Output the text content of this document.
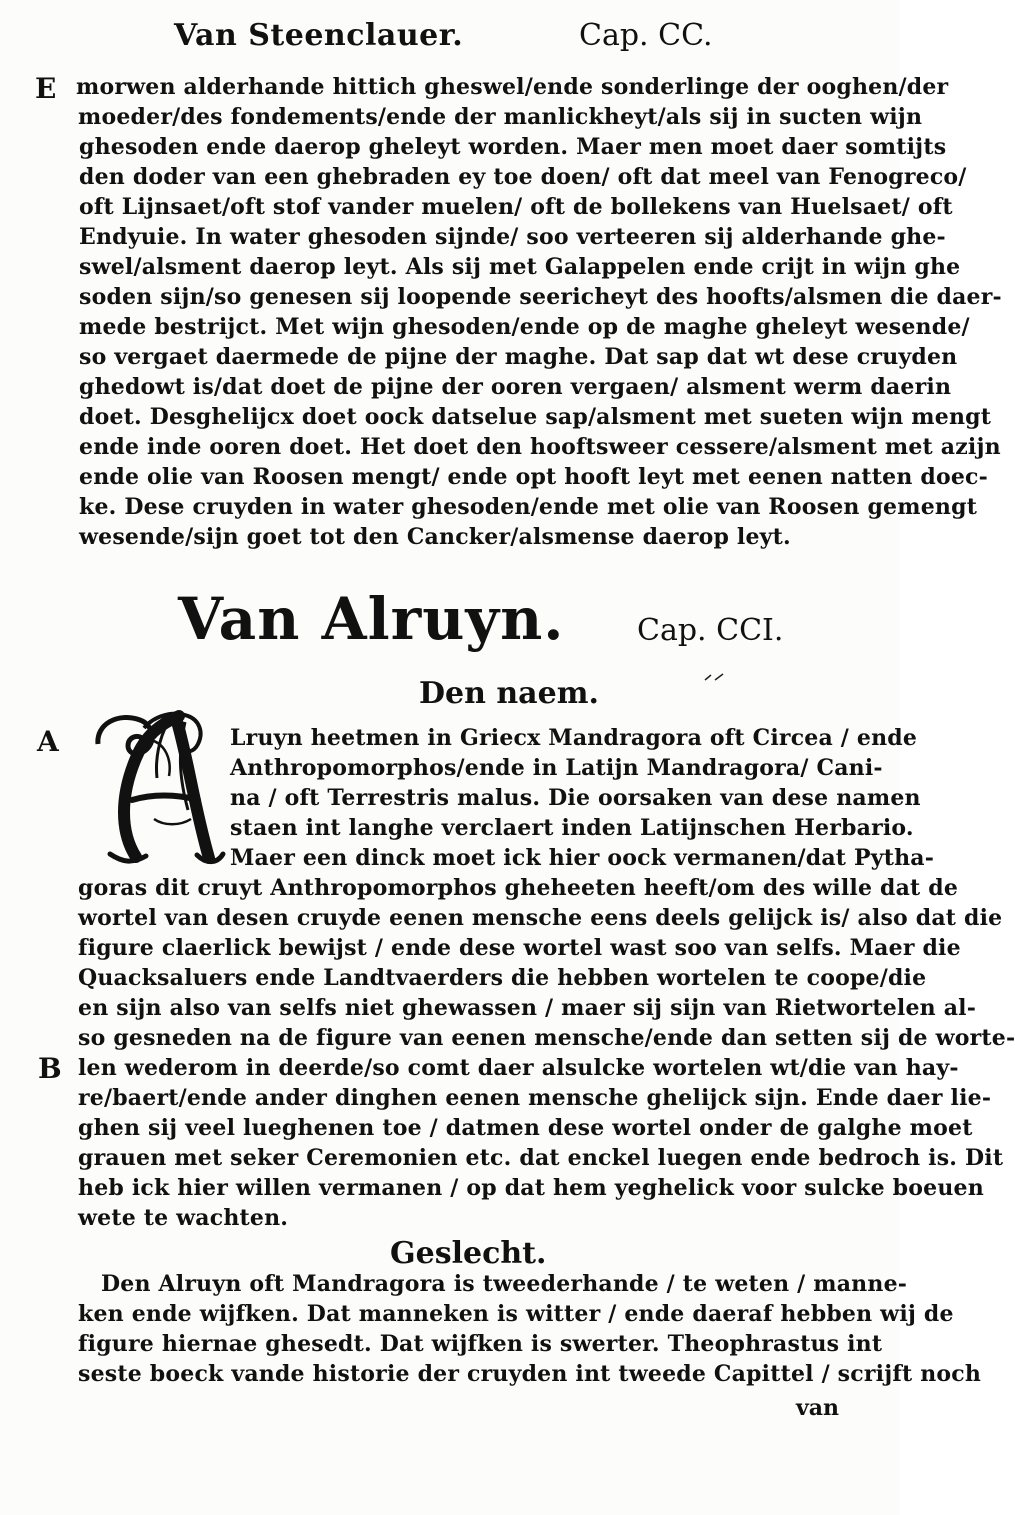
Van Steenclauer.	Cap. CC.
E morwen alderhande hittich gheswel/ende sonderlinge der ooghen/der
moeder/des fondements/ende der manlickheyt/als sij in sucten wijn
ghesoden ende daerop gheleyt worden. Maer men moet daer somtijts
den doder van een ghebraden ey toe doen/ oft dat meel van Fenogreco/
oft Lijnsaet/oft stof vander muelen/ oft de bollekens van Huelsaet/ oft
Endyuie. In water ghesoden sijnde/ soo verteeren sij alderhande ghe-
swel/alsment daerop leyt. Als sij met Galappelen ende crijt in wijn ghe
soden sijn/so genesen sij loopende seericheyt des hoofts/alsmen die daer-
mede bestrijct. Met wijn ghesoden/ende op de maghe gheleyt wesende/
so vergaet daermede de pijne der maghe. Dat sap dat wt dese cruyden
ghedowt is/dat doet de pijne der ooren vergaen/ alsment werm daerin
doet. Desghelijcx doet oock datselue sap/alsment met sueten wijn mengt
ende inde ooren doet. Het doet den hooftsweer cessere/alsment met azijn
ende olie van Roosen mengt/ ende opt hooft leyt met eenen natten doec-
ke. Dese cruyden in water ghesoden/ende met olie van Roosen gemengt
wesende/sijn goet tot den Cancker/alsmense daerop leyt.
Van Alruyn. Cap. CCI.
Den naem.
A	Lruyn heetmen in Griecx Mandragora oft Circea / ende
Anthropomorphos/ende in Latijn Mandragora/ Cani-
na / oft Terrestris malus. Die oorsaken van dese namen
staen int langhe verclaert inden Latijnschen Herbario.
Maer een dinck moet ick hier oock vermanen/dat Pytha-
goras dit cruyt Anthropomorphos gheheeten heeft/om des wille dat de
wortel van desen cruyde eenen mensche eens deels gelijck is/ also dat die
figure claerlick bewijst / ende dese wortel wast soo van selfs. Maer die
Quacksaluers ende Landtvaerders die hebben wortelen te coope/die
en sijn also van selfs niet ghewassen / maer sij sijn van Rietwortelen al-
so gesneden na de figure van eenen mensche/ende dan setten sij de worte-
B len wederom in deerde/so comt daer alsulcke wortelen wt/die van hay-
re/baert/ende ander dinghen eenen mensche ghelijck sijn. Ende daer lie-
ghen sij veel lueghenen toe / datmen dese wortel onder de galghe moet
grauen met seker Ceremonien etc. dat enckel luegen ende bedroch is. Dit
heb ick hier willen vermanen / op dat hem yeghelick voor sulcke boeuen
wete te wachten.
Geslecht.
Den Alruyn oft Mandragora is tweederhande / te weten / manne-
ken ende wijfken. Dat manneken is witter / ende daeraf hebben wij de
figure hiernae ghesedt. Dat wijfken is swerter. Theophrastus int
seste boeck vande historie der cruyden int tweede Capittel / scrijft noch
van
